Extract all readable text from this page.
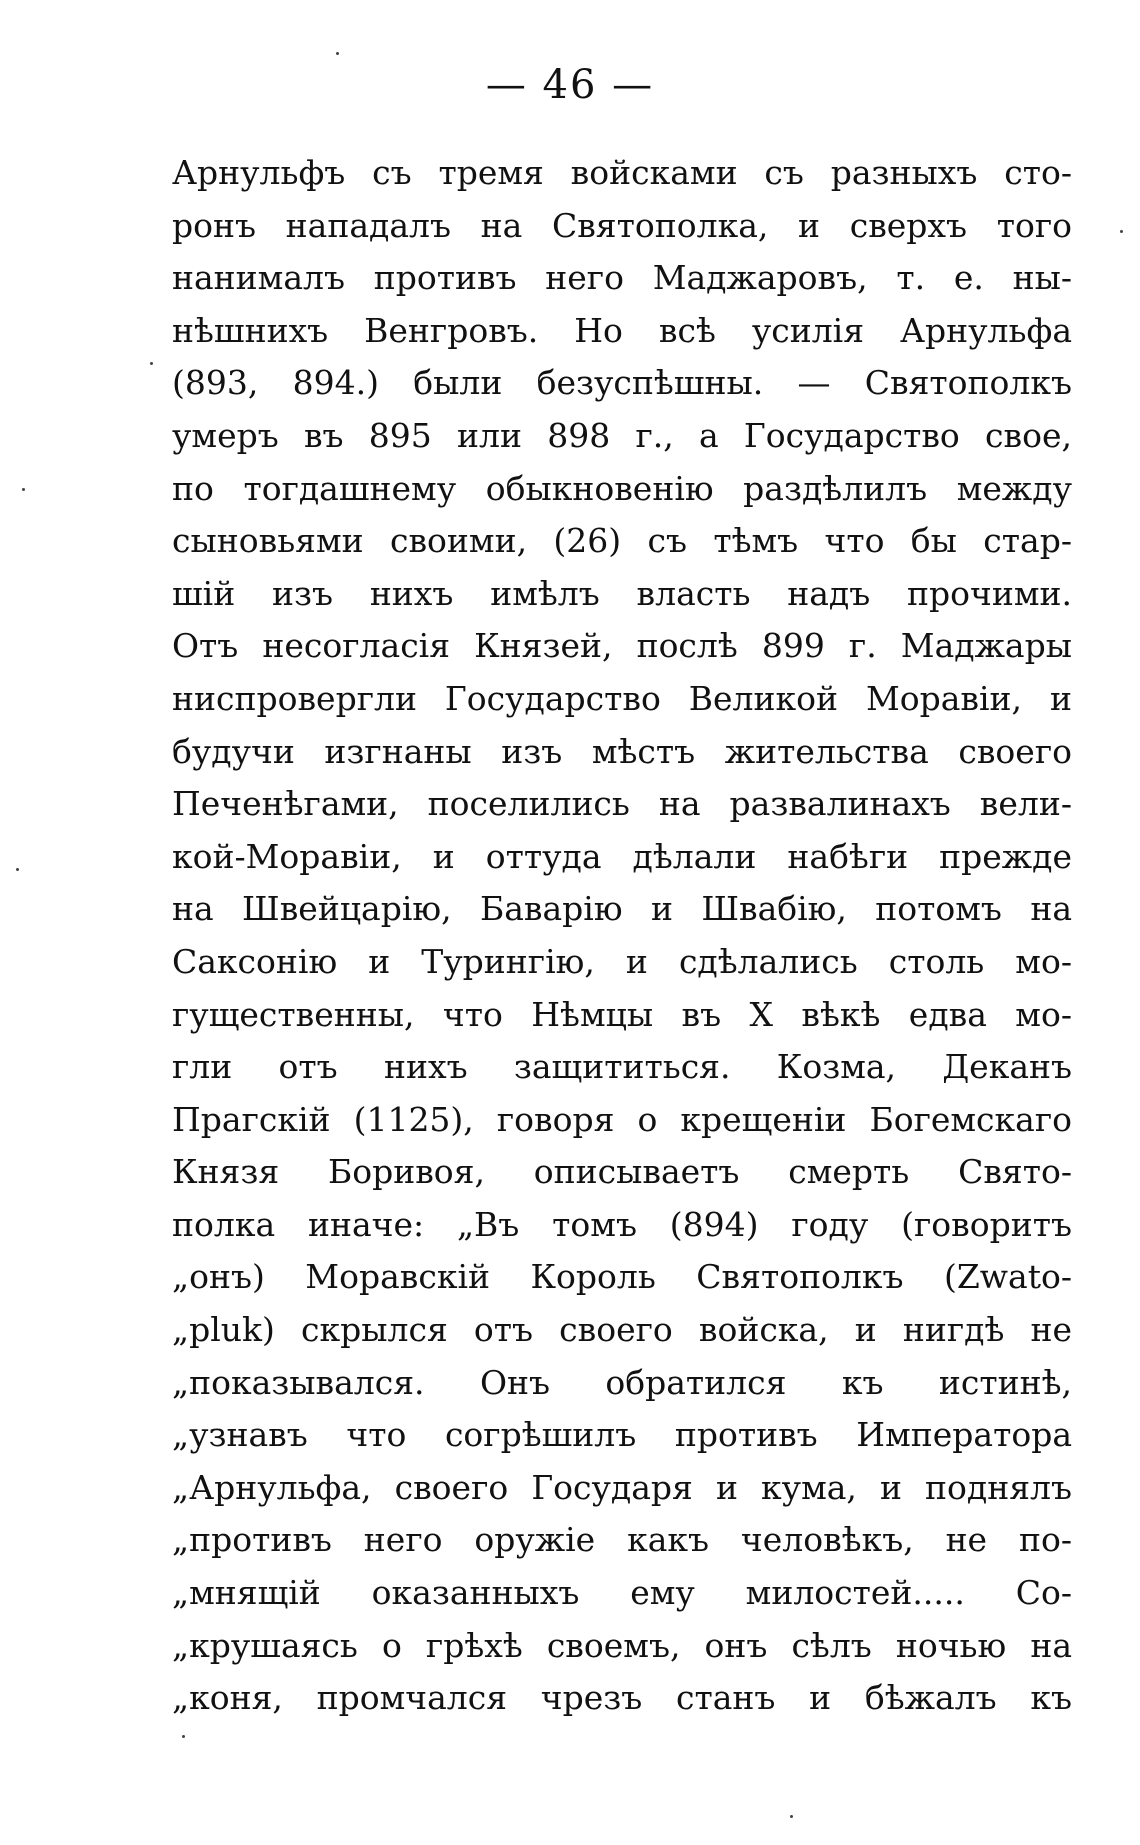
— 46 —
Арнульфъ съ тремя войсками съ разныхъ сто-
ронъ нападалъ на Святополка, и сверхъ того
нанималъ противъ него Маджаровъ, т. е. ны-
нѣшнихъ Венгровъ. Но всѣ усилія Арнульфа
(893, 894.) были безуспѣшны. — Святополкъ
умеръ въ 895 или 898 г., а Государство свое,
по тогдашнему обыкновенію раздѣлилъ между
сыновьями своими, (26) съ тѣмъ что бы стар-
шій изъ нихъ имѣлъ власть надъ прочими.
Отъ несогласія Князей, послѣ 899 г. Маджары
ниспровергли Государство Великой Моравіи, и
будучи изгнаны изъ мѣстъ жительства своего
Печенѣгами, поселились на развалинахъ вели-
кой-Моравіи, и оттуда дѣлали набѣги прежде
на Швейцарію, Баварію и Швабію, потомъ на
Саксонію и Турингію, и сдѣлались столь мо-
гущественны, что Нѣмцы въ X вѣкѣ едва мо-
гли отъ нихъ защититься. Козма, Деканъ
Прагскій (1125), говоря о крещеніи Богемскаго
Князя Боривоя, описываетъ смерть Свято-
полка иначе: „Въ томъ (894) году (говоритъ
„онъ) Моравскій Король Святополкъ (Zwato-
„pluk) скрылся отъ своего войска, и нигдѣ не
„показывался. Онъ обратился къ истинѣ,
„узнавъ что согрѣшилъ противъ Императора
„Арнульфа, своего Государя и кума, и поднялъ
„противъ него оружіе какъ человѣкъ, не по-
„мнящій оказанныхъ ему милостей..... Со-
„крушаясь о грѣхѣ своемъ, онъ сѣлъ ночью на
„коня, промчался чрезъ станъ и бѣжалъ къ
